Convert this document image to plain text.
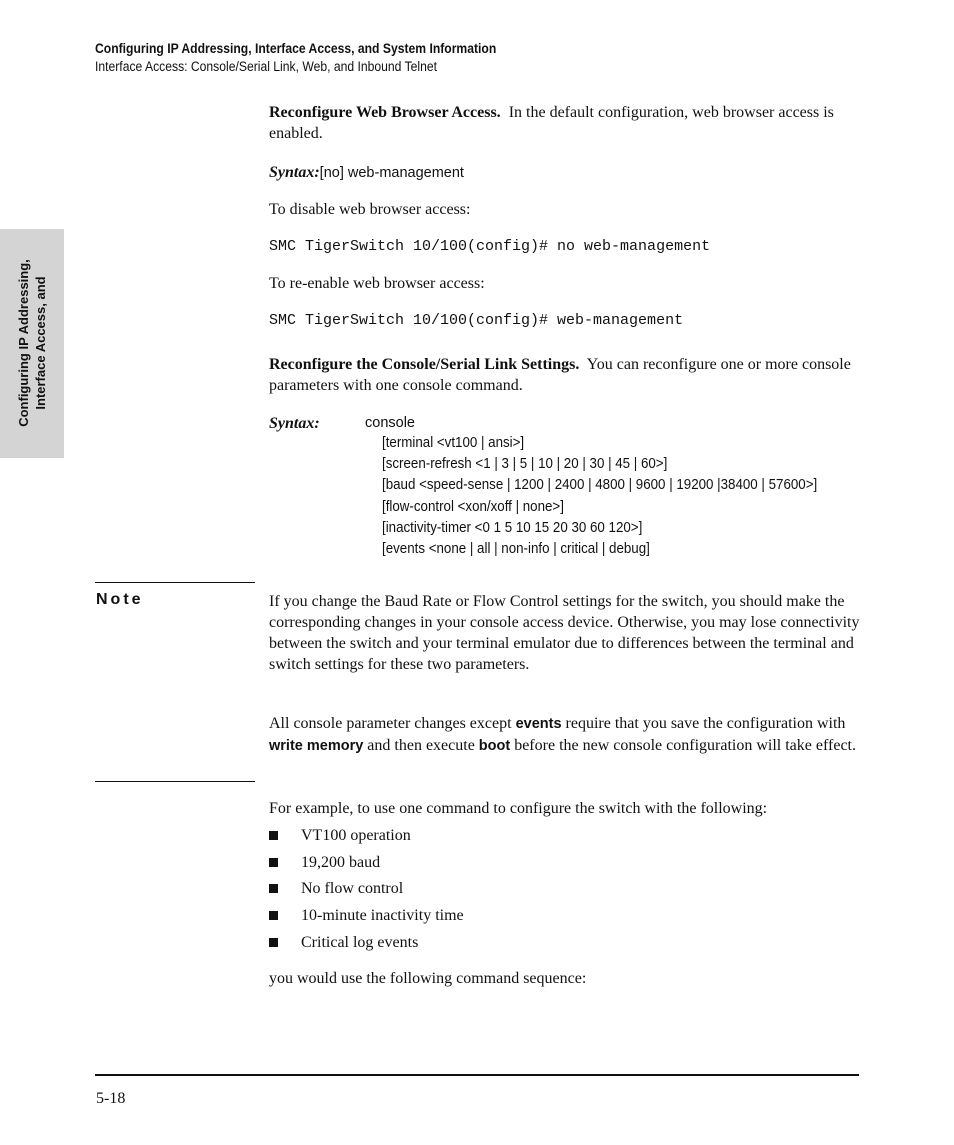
Configuring IP Addressing, Interface Access, and System Information
Interface Access: Console/Serial Link, Web, and Inbound Telnet
Configuring IP Addressing, Interface Access, and
Reconfigure Web Browser Access. In the default configuration, web browser access is enabled.
Syntax:[no] web-management
To disable web browser access:
SMC TigerSwitch 10/100(config)# no web-management
To re-enable web browser access:
SMC TigerSwitch 10/100(config)# web-management
Reconfigure the Console/Serial Link Settings. You can reconfigure one or more console parameters with one console command.
Syntax:	console
[terminal <vt100 | ansi>]
[screen-refresh <1 | 3 | 5 | 10 | 20 | 30 | 45 | 60>]
[baud <speed-sense | 1200 | 2400 | 4800 | 9600 | 19200 |38400 | 57600>]
[flow-control <xon/xoff | none>]
[inactivity-timer <0 1 5 10 15 20 30 60 120>]
[events <none | all | non-info | critical | debug]
Note	If you change the Baud Rate or Flow Control settings for the switch, you should make the corresponding changes in your console access device. Otherwise, you may lose connectivity between the switch and your terminal emulator due to differences between the terminal and switch settings for these two parameters.
All console parameter changes except events require that you save the configuration with write memory and then execute boot before the new console configuration will take effect.
For example, to use one command to configure the switch with the following:
VT100 operation
19,200 baud
No flow control
10-minute inactivity time
Critical log events
you would use the following command sequence:
5-18
